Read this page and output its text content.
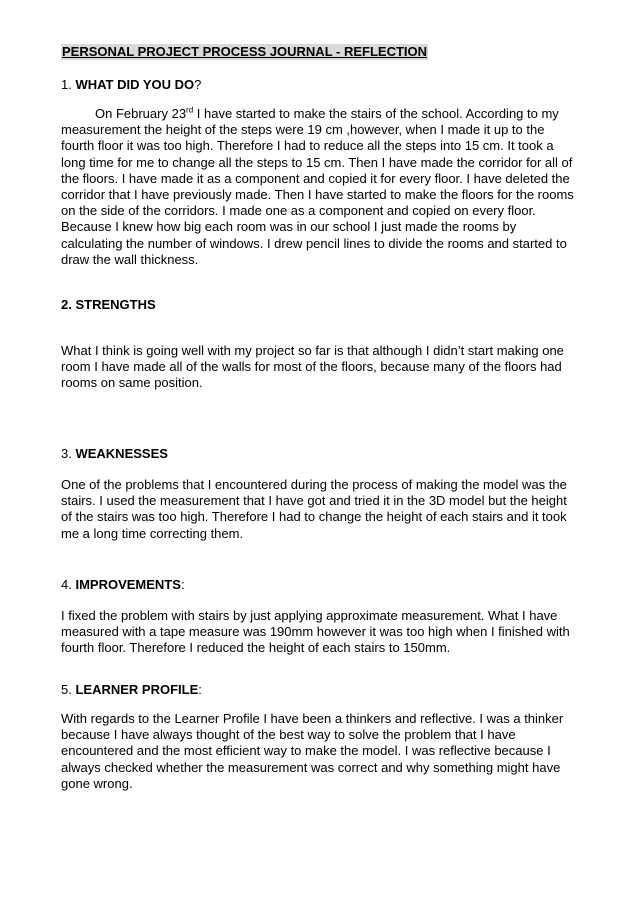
PERSONAL PROJECT PROCESS JOURNAL - REFLECTION
1. WHAT DID YOU DO?

On February 23rd I have started to make the stairs of the school. According to my measurement the height of the steps were 19 cm ,however, when I made it up to the fourth floor it was too high. Therefore I had to reduce all the steps into 15 cm. It took a long time for me to change all the steps to 15 cm. Then I have made the corridor for all of the floors. I have made it as a component and copied it for every floor. I have deleted the corridor that I have previously made. Then I have started to make the floors for the rooms on the side of the corridors. I made one as a component and copied on every floor. Because I knew how big each room was in our school I just made the rooms by calculating the number of windows. I drew pencil lines to divide the rooms and started to draw the wall thickness.

2. STRENGTHS

What I think is going well with my project so far is that although I didn’t start making one room I have made all of the walls for most of the floors, because many of the floors had rooms on same position.

3. WEAKNESSES

One of the problems that I encountered during the process of making the model was the stairs. I used the measurement that I have got and tried it in the 3D model but the height of the stairs was too high. Therefore I had to change the height of each stairs and it took me a long time correcting them.

4. IMPROVEMENTS:

I fixed the problem with stairs by just applying approximate measurement. What I have measured with a tape measure was 190mm however it was too high when I finished with fourth floor. Therefore I reduced the height of each stairs to 150mm.

5. LEARNER PROFILE:

With regards to the Learner Profile I have been a thinkers and reflective. I was a thinker because I have always thought of the best way to solve the problem that I have encountered and the most efficient way to make the model. I was reflective because I always checked whether the measurement was correct and why something might have gone wrong.
